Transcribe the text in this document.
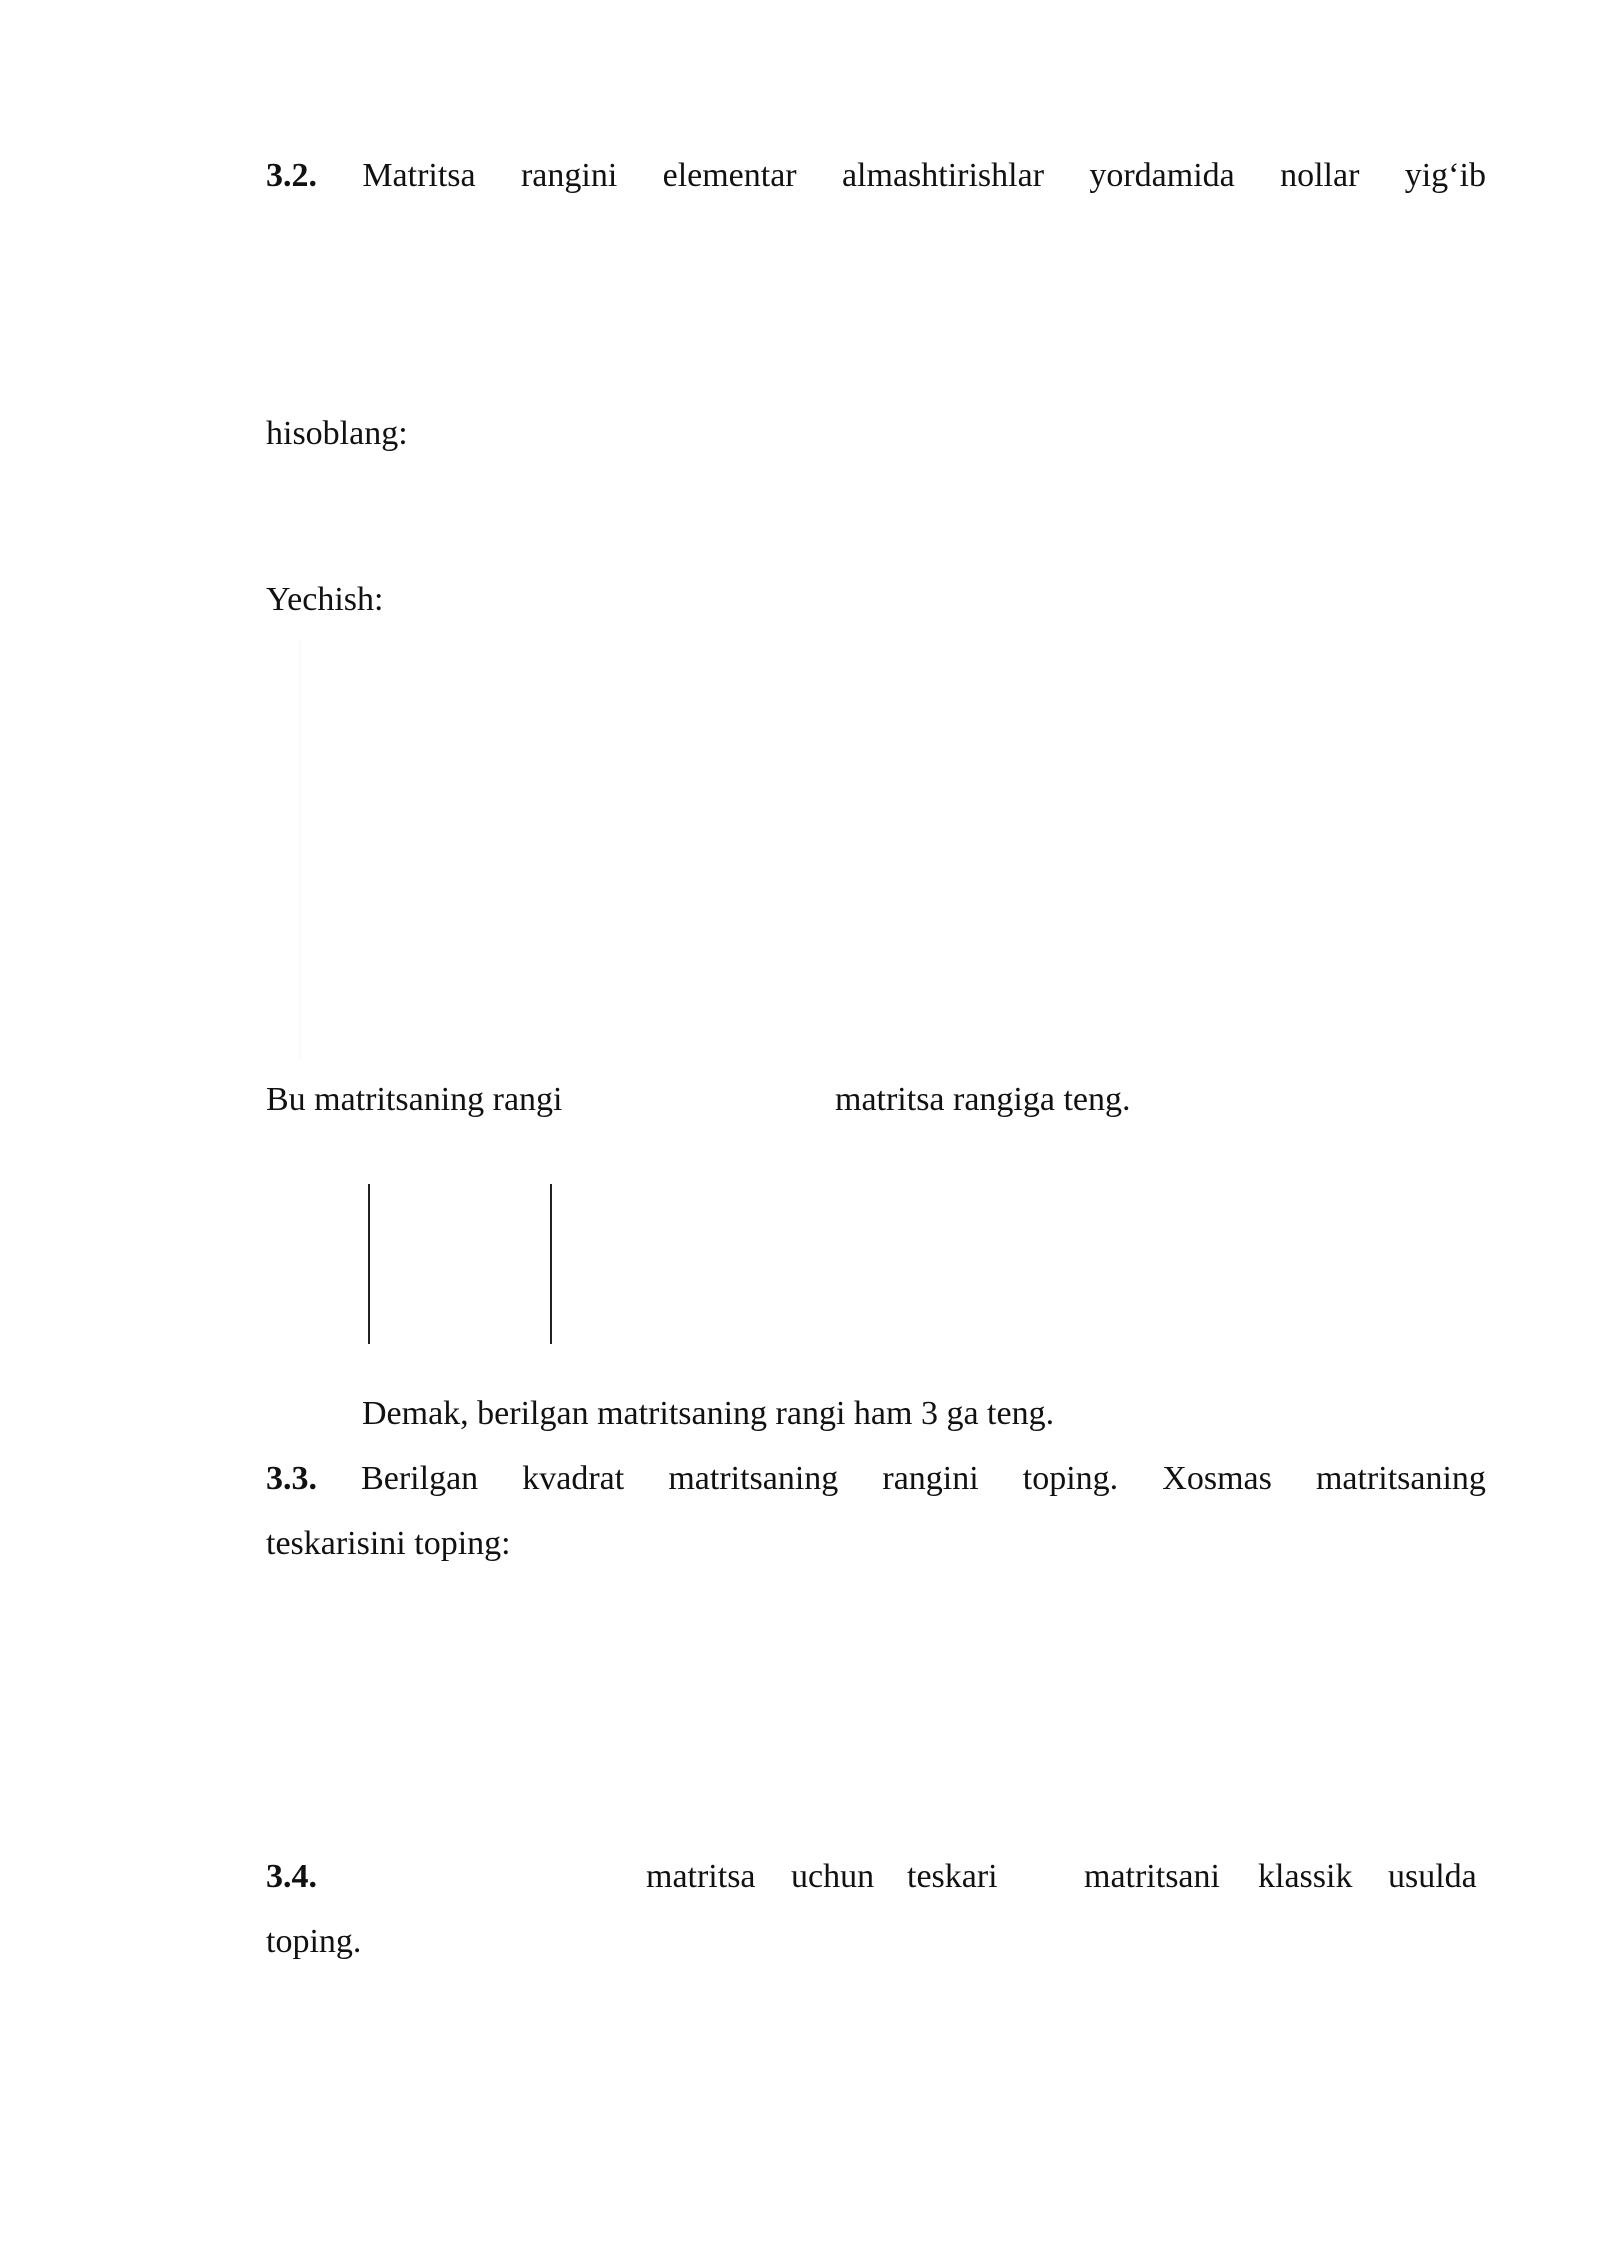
3.2. Matritsa rangini elementar almashtirishlar yordamida nollar yig‘ib
hisoblang:
Yechish:
Bu matritsaning rangi	matritsa rangiga teng.
Demak, berilgan matritsaning rangi ham 3 ga teng.
3.3. Berilgan kvadrat matritsaning rangini toping. Xosmas matritsaning
teskarisini toping:
3.4.	matritsa uchun teskari	matritsani klassik usulda
toping.
